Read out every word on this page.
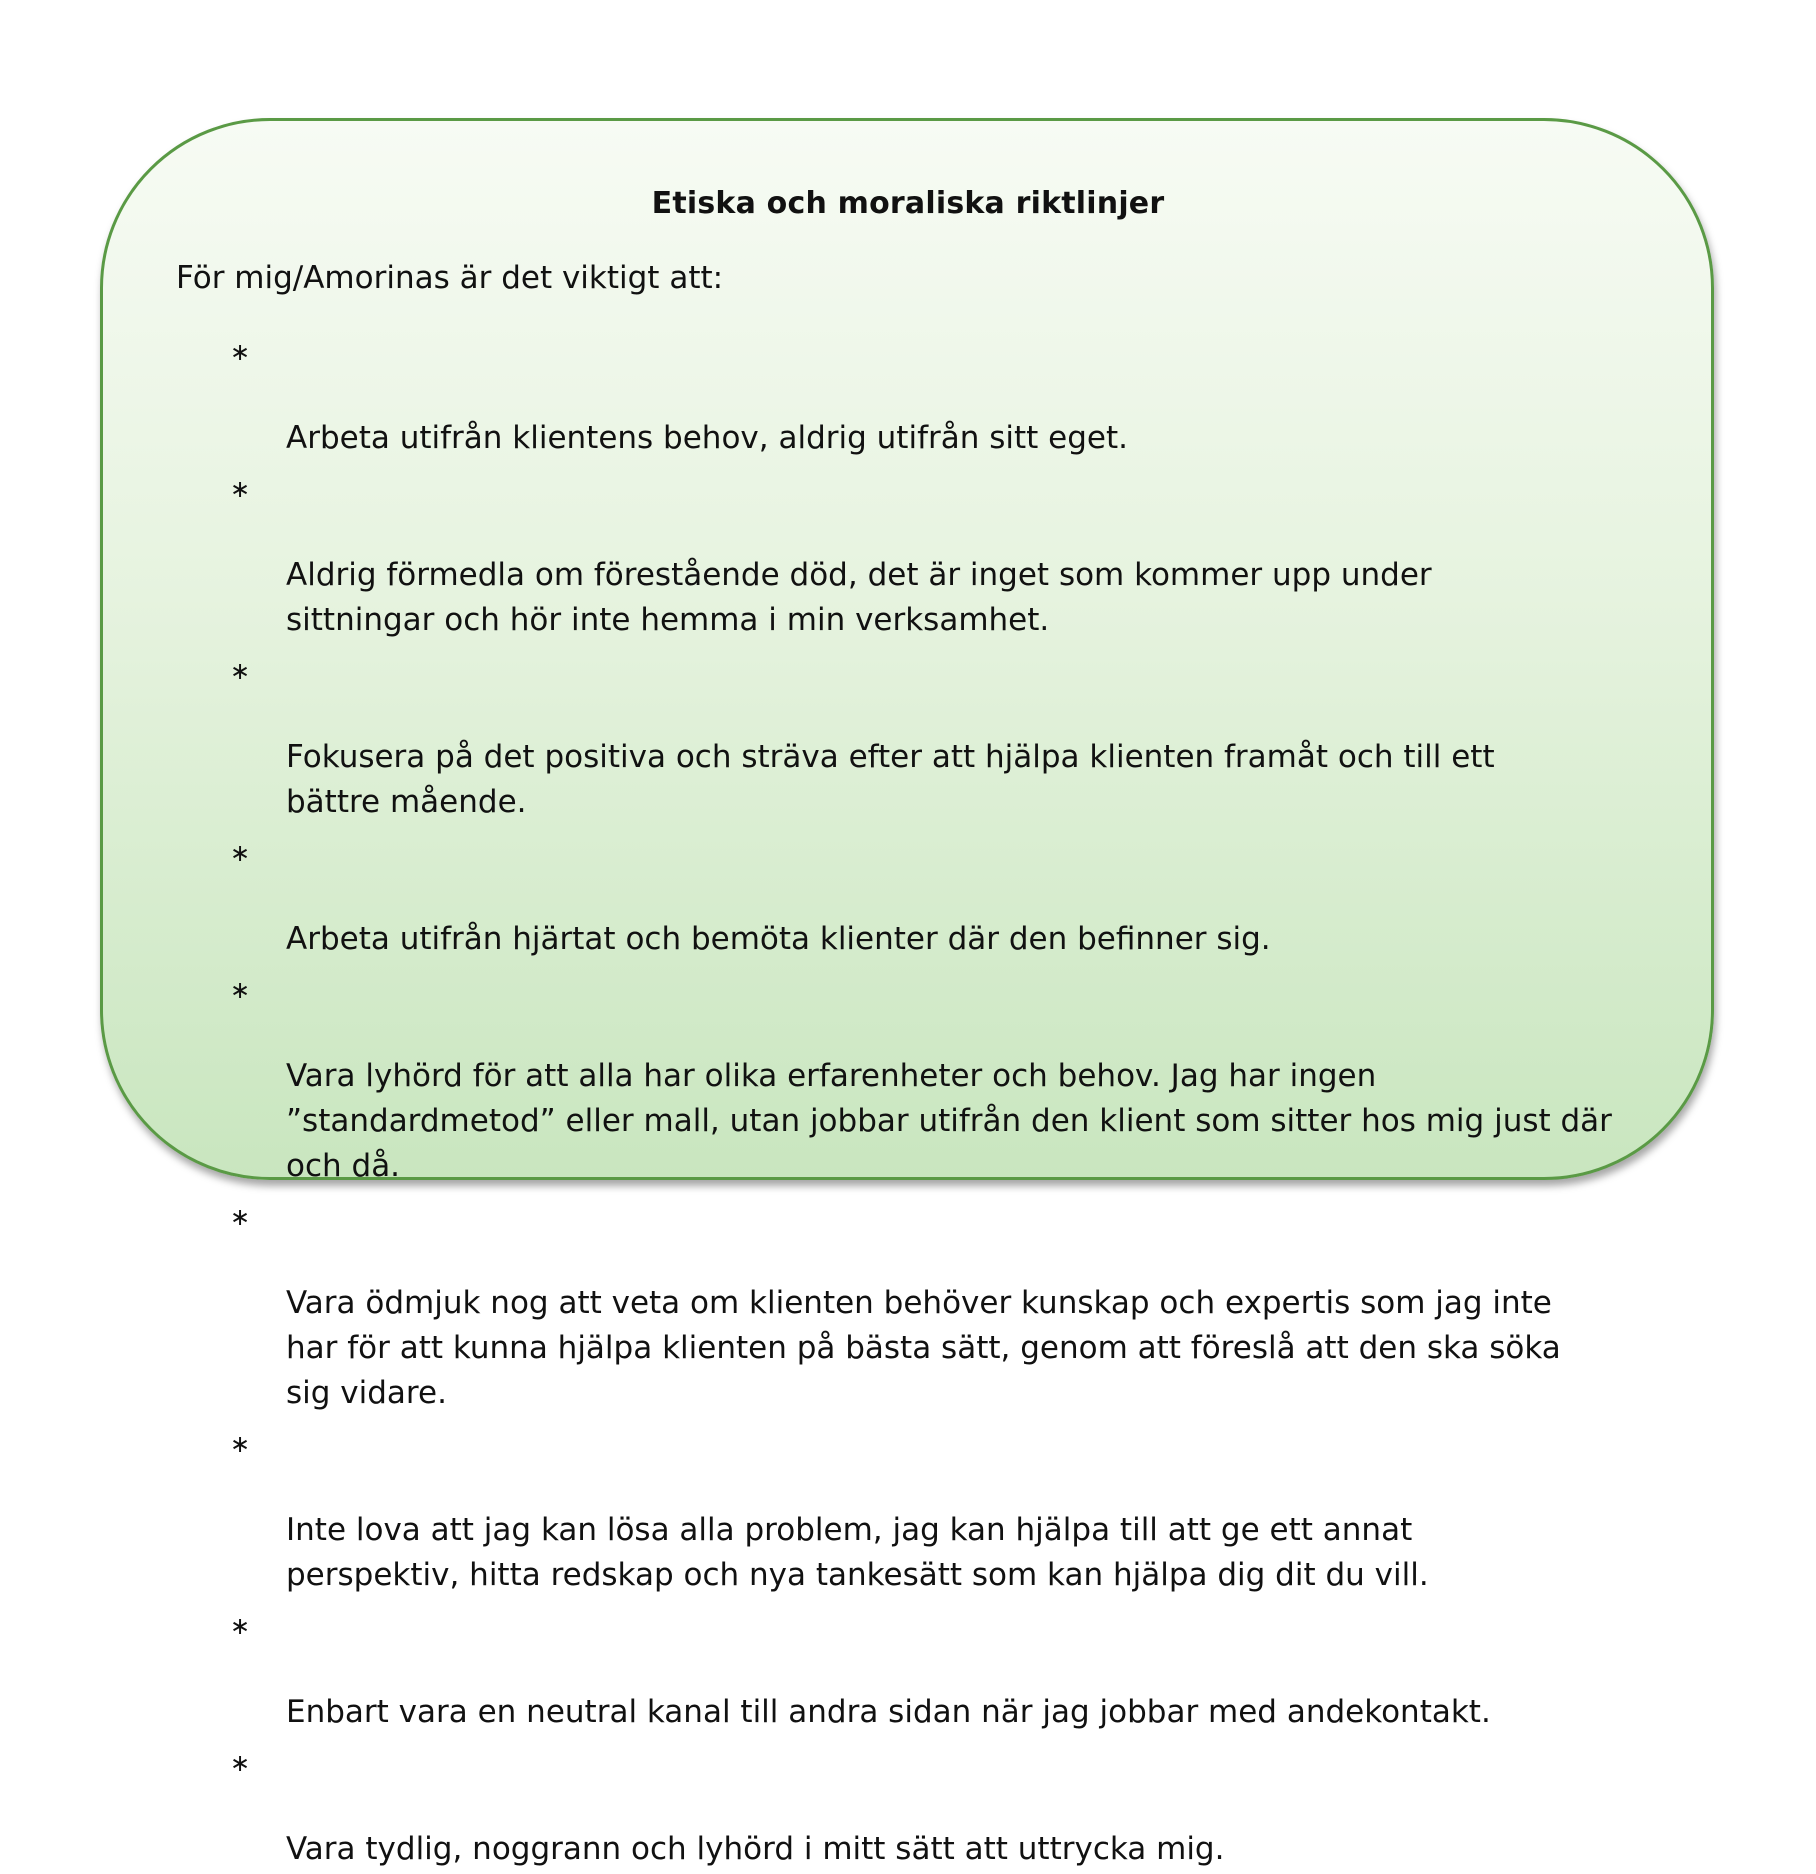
Etiska och moraliska riktlinjer
För mig/Amorinas är det viktigt att:

∗

Arbeta utifrån klientens behov, aldrig utifrån sitt eget.

∗

Aldrig förmedla om förestående död, det är inget som kommer upp under
sittningar och hör inte hemma i min verksamhet.

∗

Fokusera på det positiva och sträva efter att hjälpa klienten framåt och till ett
bättre mående.

∗

Arbeta utifrån hjärtat och bemöta klienter där den befinner sig.

∗

Vara lyhörd för att alla har olika erfarenheter och behov. Jag har ingen
”standardmetod” eller mall, utan jobbar utifrån den klient som sitter hos mig just där
och då.

∗

Vara ödmjuk nog att veta om klienten behöver kunskap och expertis som jag inte
har för att kunna hjälpa klienten på bästa sätt, genom att föreslå att den ska söka
sig vidare.

∗

Inte lova att jag kan lösa alla problem, jag kan hjälpa till att ge ett annat
perspektiv, hitta redskap och nya tankesätt som kan hjälpa dig dit du vill.

∗

Enbart vara en neutral kanal till andra sidan när jag jobbar med andekontakt.

∗

Vara tydlig, noggrann och lyhörd i mitt sätt att uttrycka mig.
